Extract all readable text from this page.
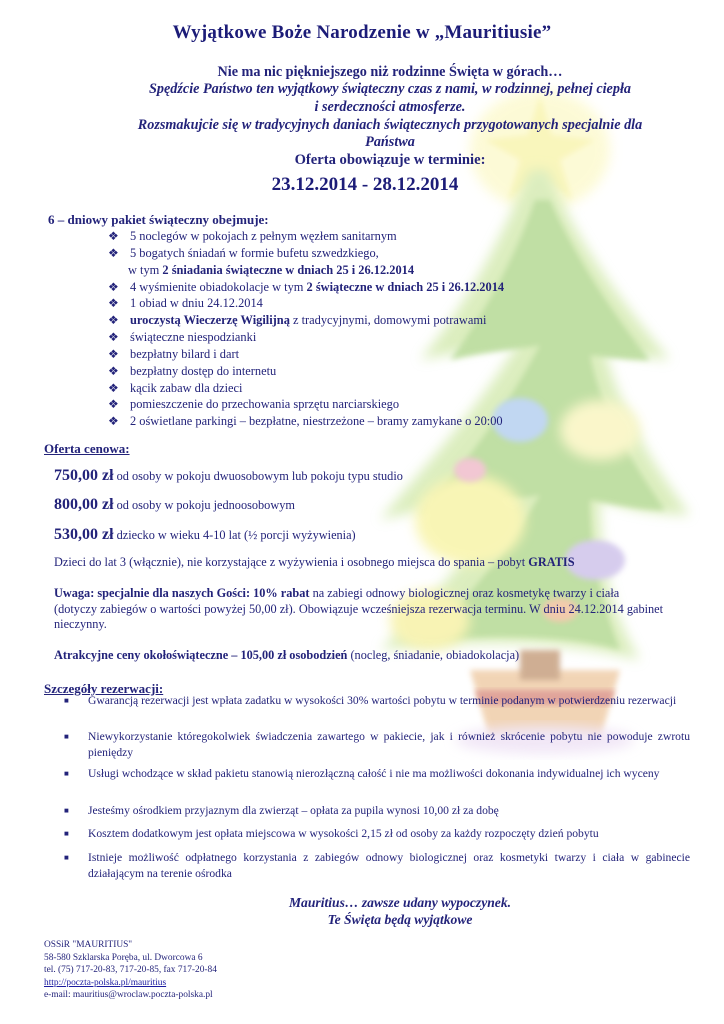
Wyjątkowe Boże Narodzenie w „Mauritiusie”
Nie ma nic piękniejszego niż rodzinne Święta w górach…
Spędźcie Państwo ten wyjątkowy świąteczny czas z nami, w rodzinnej, pełnej ciepła
i serdeczności atmosferze.
Rozsmakujcie się w tradycyjnych daniach świątecznych przygotowanych specjalnie dla
Państwa
Oferta obowiązuje w terminie:
23.12.2014 - 28.12.2014
6 – dniowy pakiet świąteczny obejmuje:
❖ 5 noclegów w pokojach z pełnym węzłem sanitarnym
❖ 5 bogatych śniadań w formie bufetu szwedzkiego,
w tym 2 śniadania świąteczne w dniach 25 i 26.12.2014
❖ 4 wyśmienite obiadokolacje w tym 2 świąteczne w dniach 25 i 26.12.2014
❖ 1 obiad w dniu 24.12.2014
❖ uroczystą Wieczerzę Wigilijną z tradycyjnymi, domowymi potrawami
❖ świąteczne niespodzianki
❖ bezpłatny bilard i dart
❖ bezpłatny dostęp do internetu
❖ kącik zabaw dla dzieci
❖ pomieszczenie do przechowania sprzętu narciarskiego
❖ 2 oświetlane parkingi – bezpłatne, niestrzeżone – bramy zamykane o 20:00
Oferta cenowa:
750,00 zł od osoby w pokoju dwuosobowym lub pokoju typu studio
800,00 zł od osoby w pokoju jednoosobowym
530,00 zł dziecko w wieku 4-10 lat (½ porcji wyżywienia)
Dzieci do lat 3 (włącznie), nie korzystające z wyżywienia i osobnego miejsca do spania – pobyt GRATIS
Uwaga: specjalnie dla naszych Gości: 10% rabat na zabiegi odnowy biologicznej oraz kosmetykę twarzy i ciała (dotyczy zabiegów o wartości powyżej 50,00 zł). Obowiązuje wcześniejsza rezerwacja terminu. W dniu 24.12.2014 gabinet nieczynny.
Atrakcyjne ceny okołoświąteczne – 105,00 zł osobodzień (nocleg, śniadanie, obiadokolacja)
Szczegóły rezerwacji:
■ Gwarancją rezerwacji jest wpłata zadatku w wysokości 30% wartości pobytu w terminie podanym w potwierdzeniu rezerwacji
■ Niewykorzystanie któregokolwiek świadczenia zawartego w pakiecie, jak i również skrócenie pobytu nie powoduje zwrotu pieniędzy
■ Usługi wchodzące w skład pakietu stanowią nierozłączną całość i nie ma możliwości dokonania indywidualnej ich wyceny
■ Jesteśmy ośrodkiem przyjaznym dla zwierząt – opłata za pupila wynosi 10,00 zł za dobę
■ Kosztem dodatkowym jest opłata miejscowa w wysokości 2,15 zł od osoby za każdy rozpoczęty dzień pobytu
■ Istnieje możliwość odpłatnego korzystania z zabiegów odnowy biologicznej oraz kosmetyki twarzy i ciała w gabinecie działającym na terenie ośrodka
Mauritius… zawsze udany wypoczynek.
Te Święta będą wyjątkowe
OSSiR "MAURITIUS"
58-580 Szklarska Poręba, ul. Dworcowa 6
tel. (75) 717-20-83, 717-20-85, fax 717-20-84
http://poczta-polska.pl/mauritius
e-mail: mauritius@wroclaw.poczta-polska.pl
